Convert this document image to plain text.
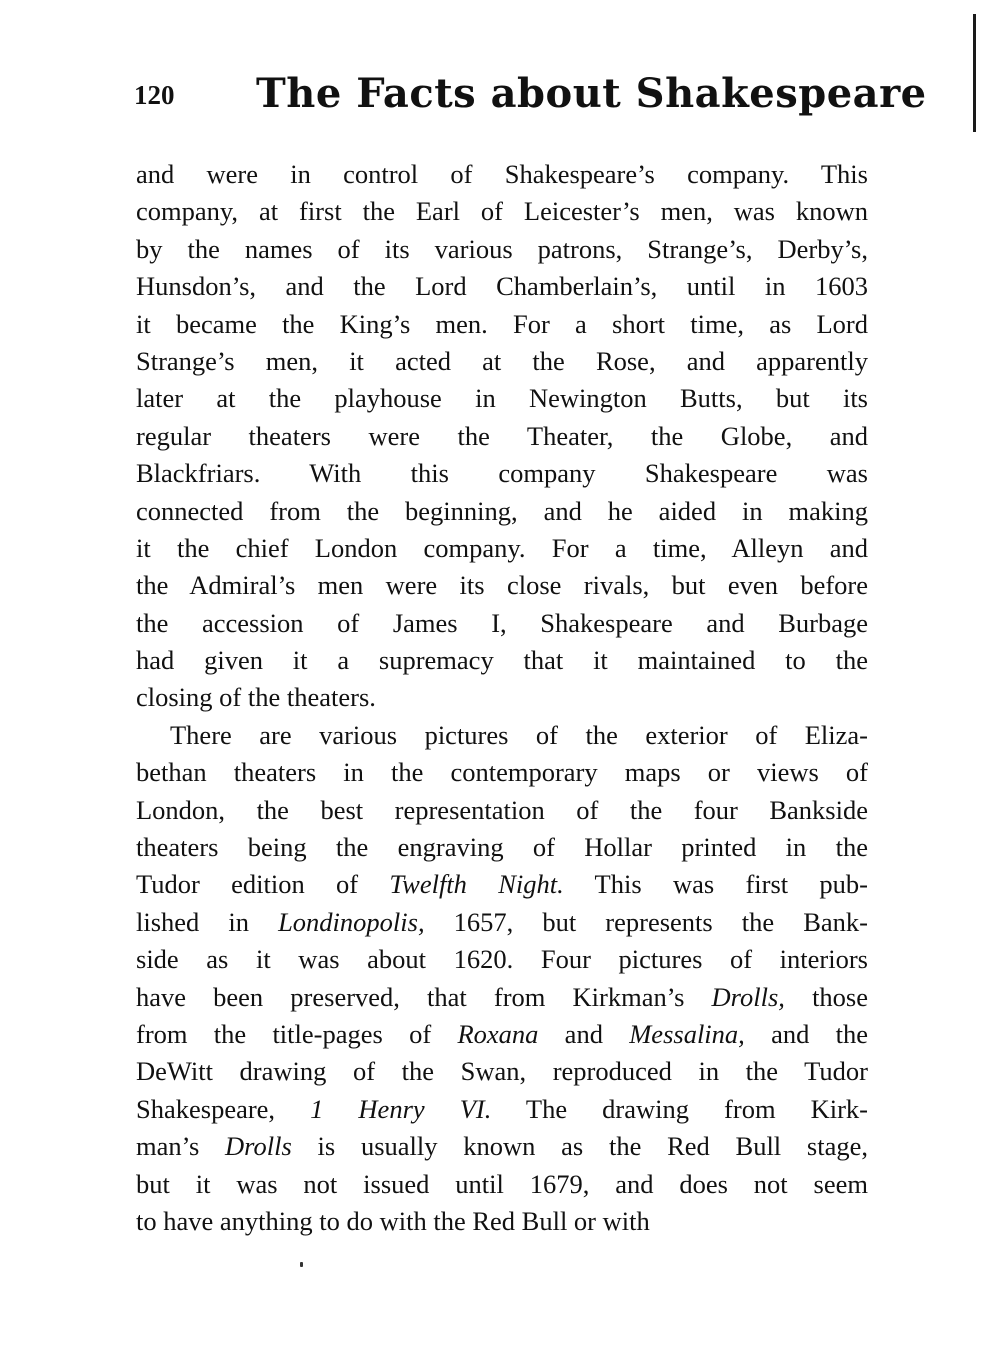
120 The Facts about Shakespeare
and were in control of Shakespeare’s company. This
company, at first the Earl of Leicester’s men, was known
by the names of its various patrons, Strange’s, Derby’s,
Hunsdon’s, and the Lord Chamberlain’s, until in 1603
it became the King’s men. For a short time, as Lord
Strange’s men, it acted at the Rose, and apparently
later at the playhouse in Newington Butts, but its
regular theaters were the Theater, the Globe, and
Blackfriars. With this company Shakespeare was
connected from the beginning, and he aided in making
it the chief London company. For a time, Alleyn and
the Admiral’s men were its close rivals, but even before
the accession of James I, Shakespeare and Burbage
had given it a supremacy that it maintained to the
closing of the theaters.
There are various pictures of the exterior of Eliza-
bethan theaters in the contemporary maps or views of
London, the best representation of the four Bankside
theaters being the engraving of Hollar printed in the
Tudor edition of Twelfth Night. This was first pub-
lished in Londinopolis, 1657, but represents the Bank-
side as it was about 1620. Four pictures of interiors
have been preserved, that from Kirkman’s Drolls, those
from the title-pages of Roxana and Messalina, and the
DeWitt drawing of the Swan, reproduced in the Tudor
Shakespeare, 1 Henry VI. The drawing from Kirk-
man’s Drolls is usually known as the Red Bull stage,
but it was not issued until 1679, and does not seem
to have anything to do with the Red Bull or with
